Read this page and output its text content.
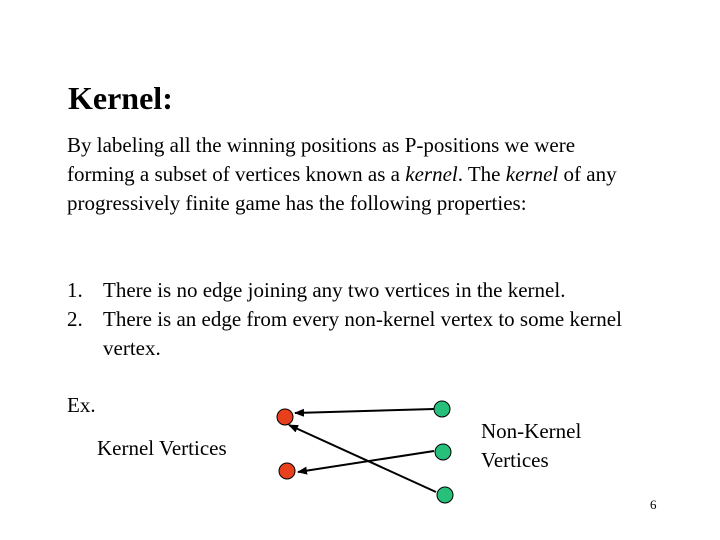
Kernel:

By labeling all the winning positions as P-positions we were forming a subset of vertices known as a kernel. The kernel of any progressively finite game has the following properties:

1. There is no edge joining any two vertices in the kernel.
2. There is an edge from every non-kernel vertex to some kernel vertex.
Ex.
Kernel Vertices
Non-Kernel Vertices
6
